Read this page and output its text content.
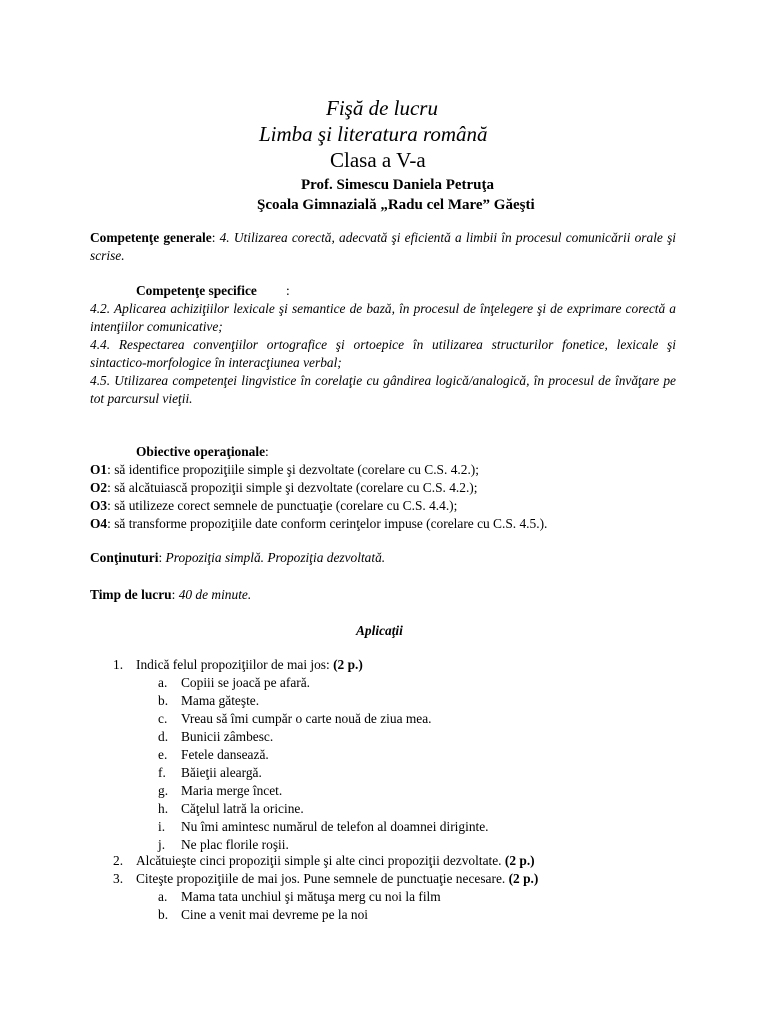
Fişă de lucru
Limba şi literatura română
Clasa a V-a
Prof. Simescu Daniela Petruţa
Şcoala Gimnazială „Radu cel Mare” Găeşti
Competenţe generale: 4. Utilizarea corectă, adecvată şi eficientă a limbii în procesul comunicării orale şi scrise.
Competenţe specifice	:
4.2. Aplicarea achiziţiilor lexicale şi semantice de bază, în procesul de înţelegere şi de exprimare corectă a intenţiilor comunicative;
4.4. Respectarea convenţiilor ortografice şi ortoepice în utilizarea structurilor fonetice, lexicale şi sintactico-morfologice în interacţiunea verbal;
4.5. Utilizarea competenţei lingvistice în corelaţie cu gândirea logică/analogică, în procesul de învăţare pe tot parcursul vieţii.
Obiective operaţionale:
O1: să identifice propoziţiile simple şi dezvoltate (corelare cu C.S. 4.2.);
O2: să alcătuiască propoziţii simple şi dezvoltate (corelare cu C.S. 4.2.);
O3: să utilizeze corect semnele de punctuaţie (corelare cu C.S. 4.4.);
O4: să transforme propoziţiile date conform cerinţelor impuse (corelare cu C.S. 4.5.).
Conţinuturi: Propoziţia simplă. Propoziţia dezvoltată.
Timp de lucru: 40 de minute.
Aplicaţii
1. Indică felul propoziţiilor de mai jos: (2 p.)
a. Copiii se joacă pe afară.
b. Mama găteşte.
c. Vreau să îmi cumpăr o carte nouă de ziua mea.
d. Bunicii zâmbesc.
e. Fetele dansează.
f. Băieţii aleargă.
g. Maria merge încet.
h. Căţelul latră la oricine.
i. Nu îmi amintesc numărul de telefon al doamnei diriginte.
j. Ne plac florile roşii.
2. Alcătuieşte cinci propoziţii simple şi alte cinci propoziţii dezvoltate. (2 p.)
3. Citeşte propoziţiile de mai jos. Pune semnele de punctuaţie necesare. (2 p.)
a. Mama tata unchiul şi mătuşa merg cu noi la film
b. Cine a venit mai devreme pe la noi
